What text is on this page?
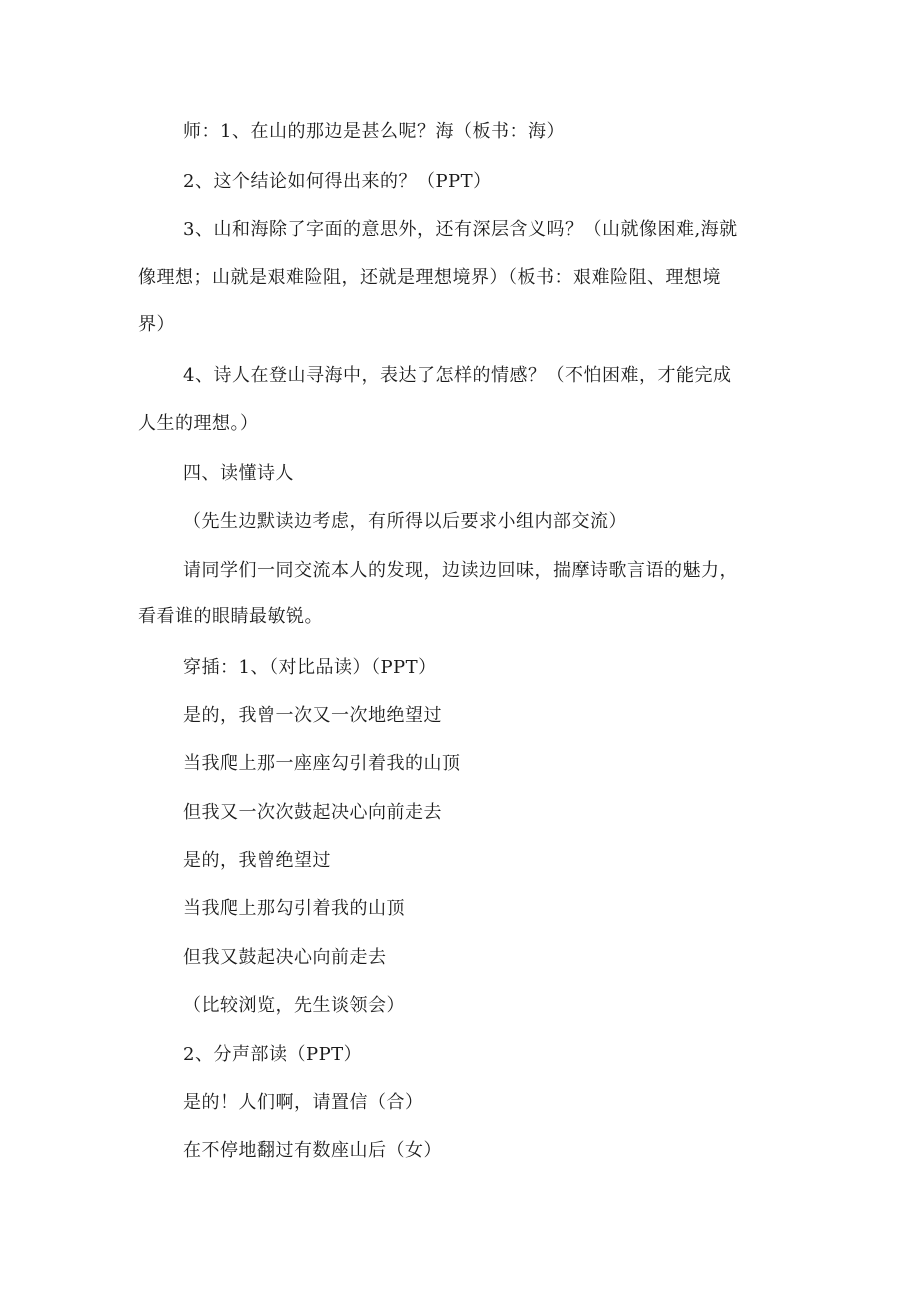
师：1、在山的那边是甚么呢？海（板书：海）
2、这个结论如何得出来的？（PPT）
3、山和海除了字面的意思外，还有深层含义吗？（山就像困难,海就
像理想；山就是艰难险阻，还就是理想境界）（板书：艰难险阻、理想境
界）
4、诗人在登山寻海中，表达了怎样的情感？（不怕困难，才能完成
人生的理想。）
四、读懂诗人
（先生边默读边考虑，有所得以后要求小组内部交流）
请同学们一同交流本人的发现，边读边回味，揣摩诗歌言语的魅力，
看看谁的眼睛最敏锐。
穿插：1、（对比品读）（PPT）
是的，我曾一次又一次地绝望过
当我爬上那一座座勾引着我的山顶
但我又一次次鼓起决心向前走去
是的，我曾绝望过
当我爬上那勾引着我的山顶
但我又鼓起决心向前走去
（比较浏览，先生谈领会）
2、分声部读（PPT）
是的！人们啊，请置信（合）
在不停地翻过有数座山后（女）
